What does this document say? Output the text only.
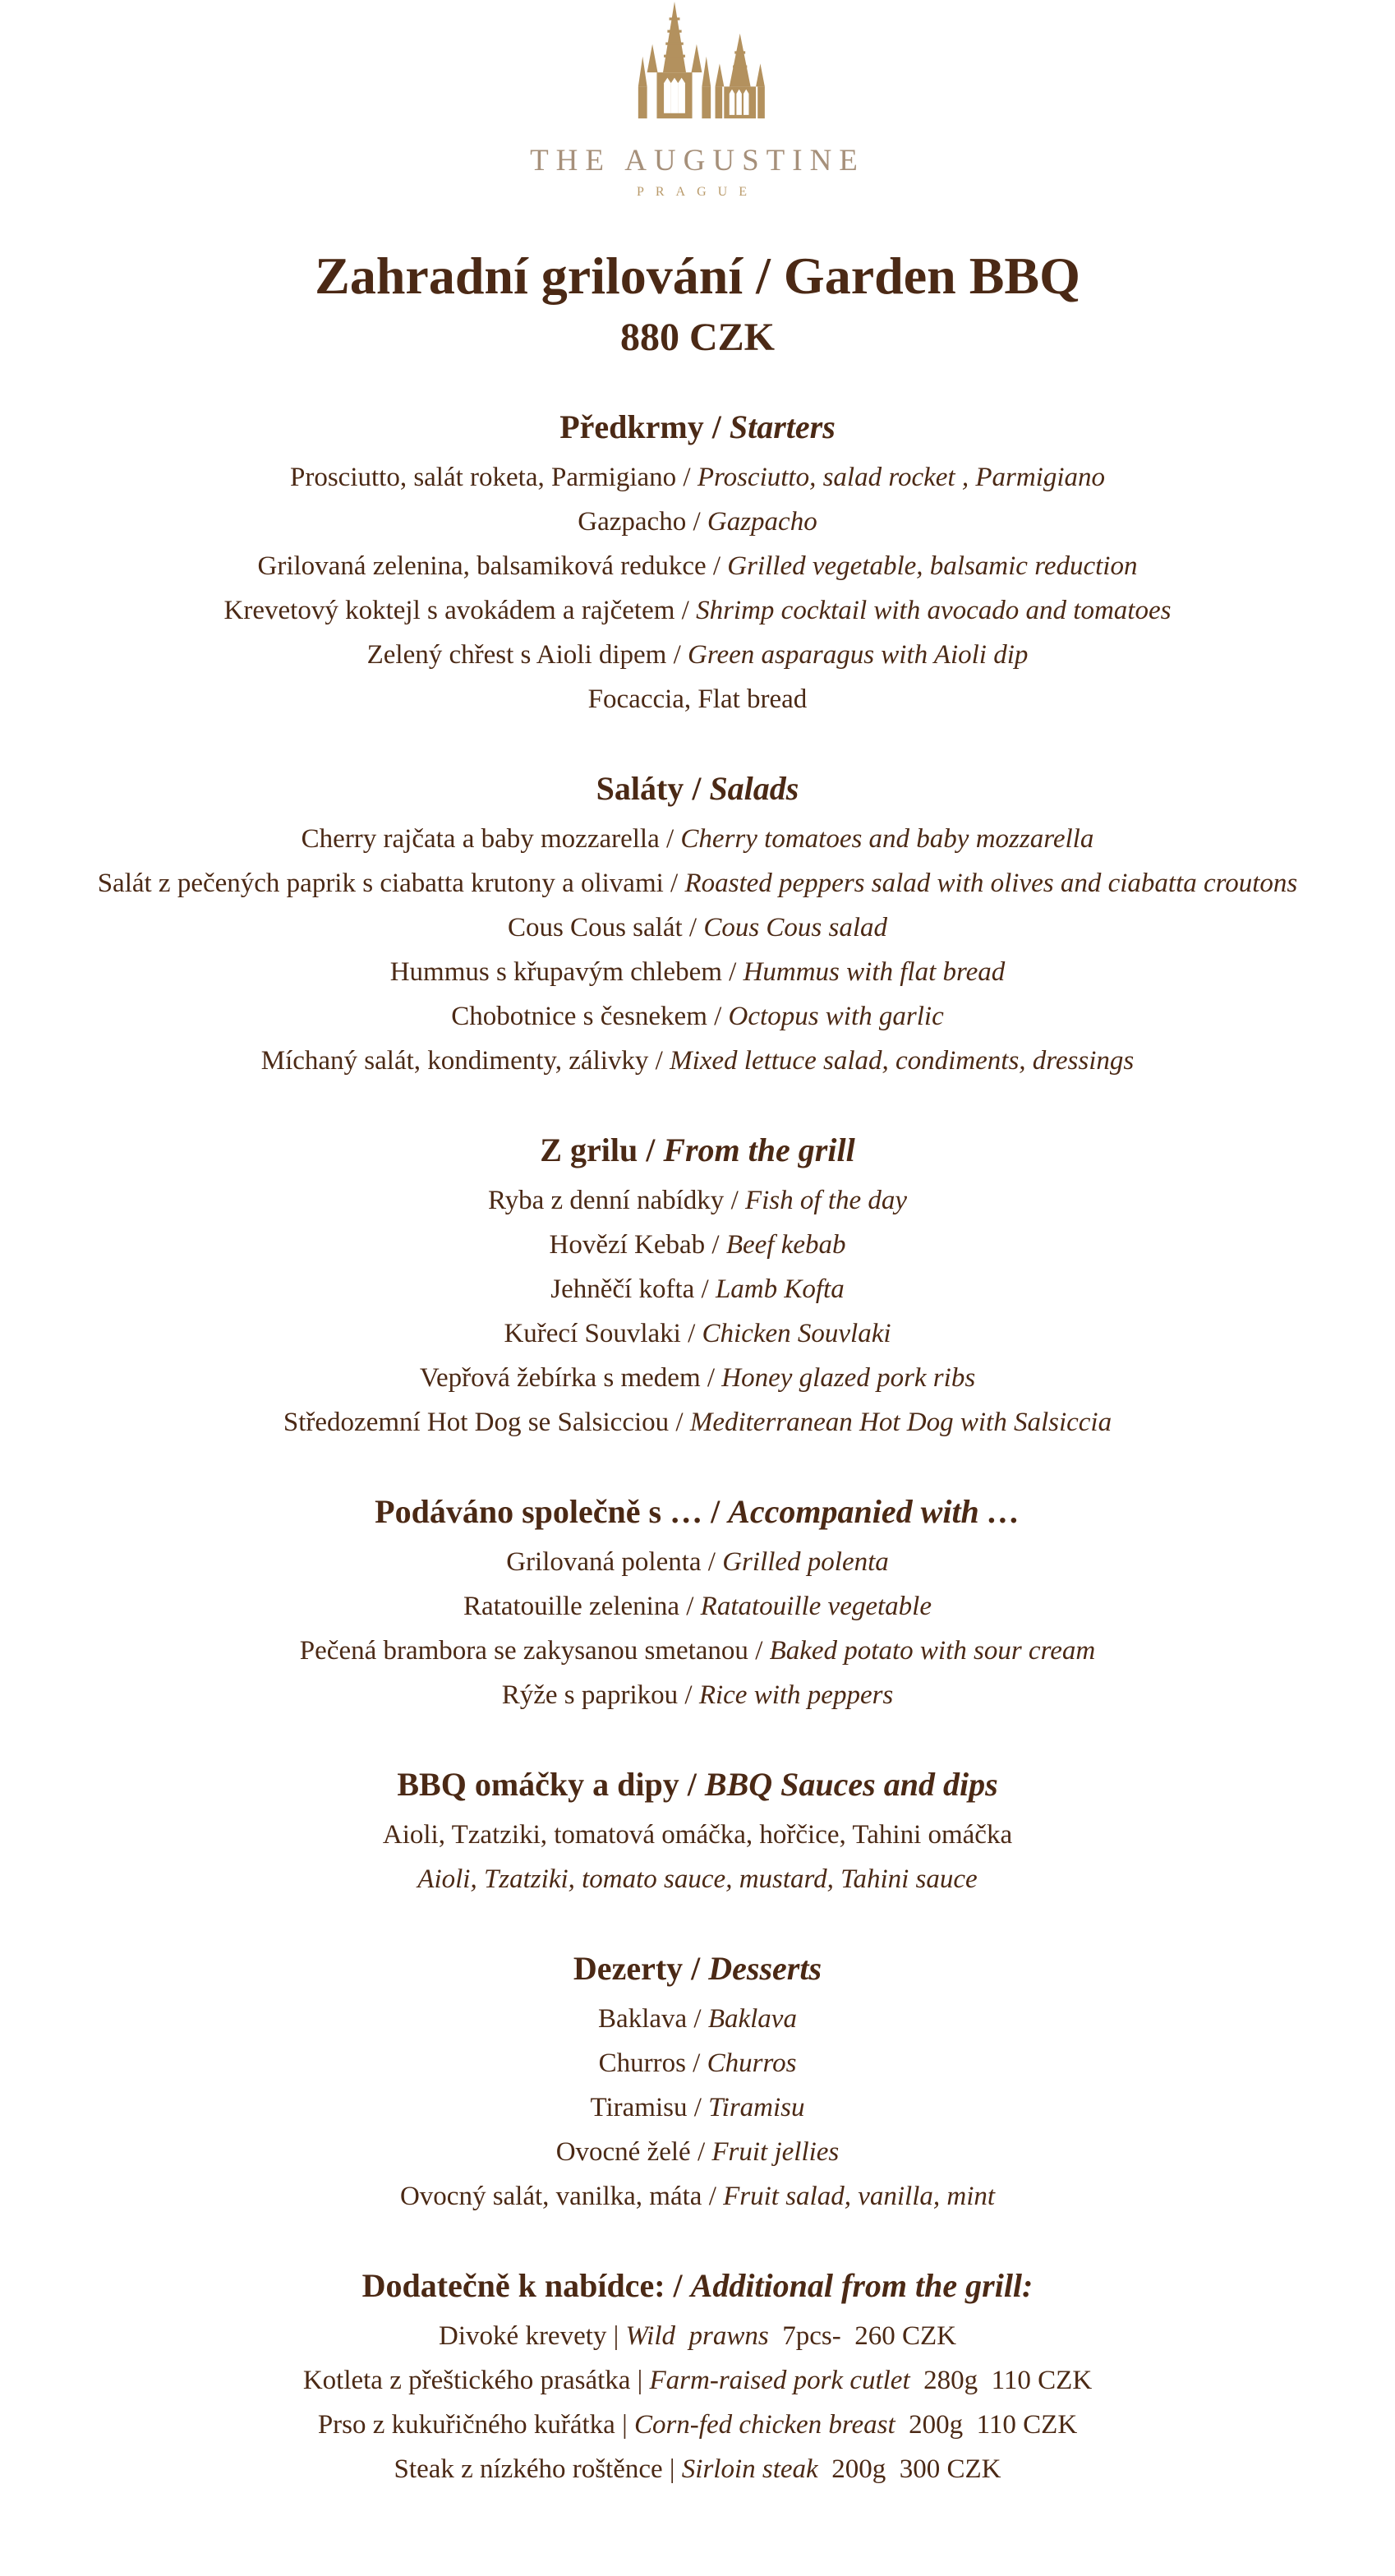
THE AUGUSTINE
PRAGUE
Zahradní grilování / Garden BBQ
880 CZK
Předkrmy / Starters

Prosciutto, salát roketa, Parmigiano / Prosciutto, salad rocket , Parmigiano

Gazpacho / Gazpacho

Grilovaná zelenina, balsamiková redukce / Grilled vegetable, balsamic reduction

Krevetový koktejl s avokádem a rajčetem / Shrimp cocktail with avocado and tomatoes

Zelený chřest s Aioli dipem / Green asparagus with Aioli dip

Focaccia, Flat bread

Saláty / Salads

Cherry rajčata a baby mozzarella / Cherry tomatoes and baby mozzarella

Salát z pečených paprik s ciabatta krutony a olivami / Roasted peppers salad with olives and ciabatta croutons

Cous Cous salát / Cous Cous salad

Hummus s křupavým chlebem / Hummus with flat bread

Chobotnice s česnekem / Octopus with garlic

Míchaný salát, kondimenty, zálivky / Mixed lettuce salad, condiments, dressings

Z grilu / From the grill

Ryba z denní nabídky / Fish of the day

Hovězí Kebab / Beef kebab

Jehněčí kofta / Lamb Kofta

Kuřecí Souvlaki / Chicken Souvlaki

Vepřová žebírka s medem / Honey glazed pork ribs

Středozemní Hot Dog se Salsicciou / Mediterranean Hot Dog with Salsiccia

Podáváno společně s … / Accompanied with …

Grilovaná polenta / Grilled polenta

Ratatouille zelenina / Ratatouille vegetable

Pečená brambora se zakysanou smetanou / Baked potato with sour cream

Rýže s paprikou / Rice with peppers

BBQ omáčky a dipy / BBQ Sauces and dips

Aioli, Tzatziki, tomatová omáčka, hořčice, Tahini omáčka

Aioli, Tzatziki, tomato sauce, mustard, Tahini sauce

Dezerty / Desserts

Baklava / Baklava

Churros / Churros

Tiramisu / Tiramisu

Ovocné želé / Fruit jellies

Ovocný salát, vanilka, máta / Fruit salad, vanilla, mint

Dodatečně k nabídce: / Additional from the grill:

Divoké krevety | Wild  prawns  7pcs-  260 CZK

Kotleta z přeštického prasátka | Farm-raised pork cutlet  280g  110 CZK

Prso z kukuřičného kuřátka | Corn-fed chicken breast  200g  110 CZK

Steak z nízkého roštěnce | Sirloin steak  200g  300 CZK
